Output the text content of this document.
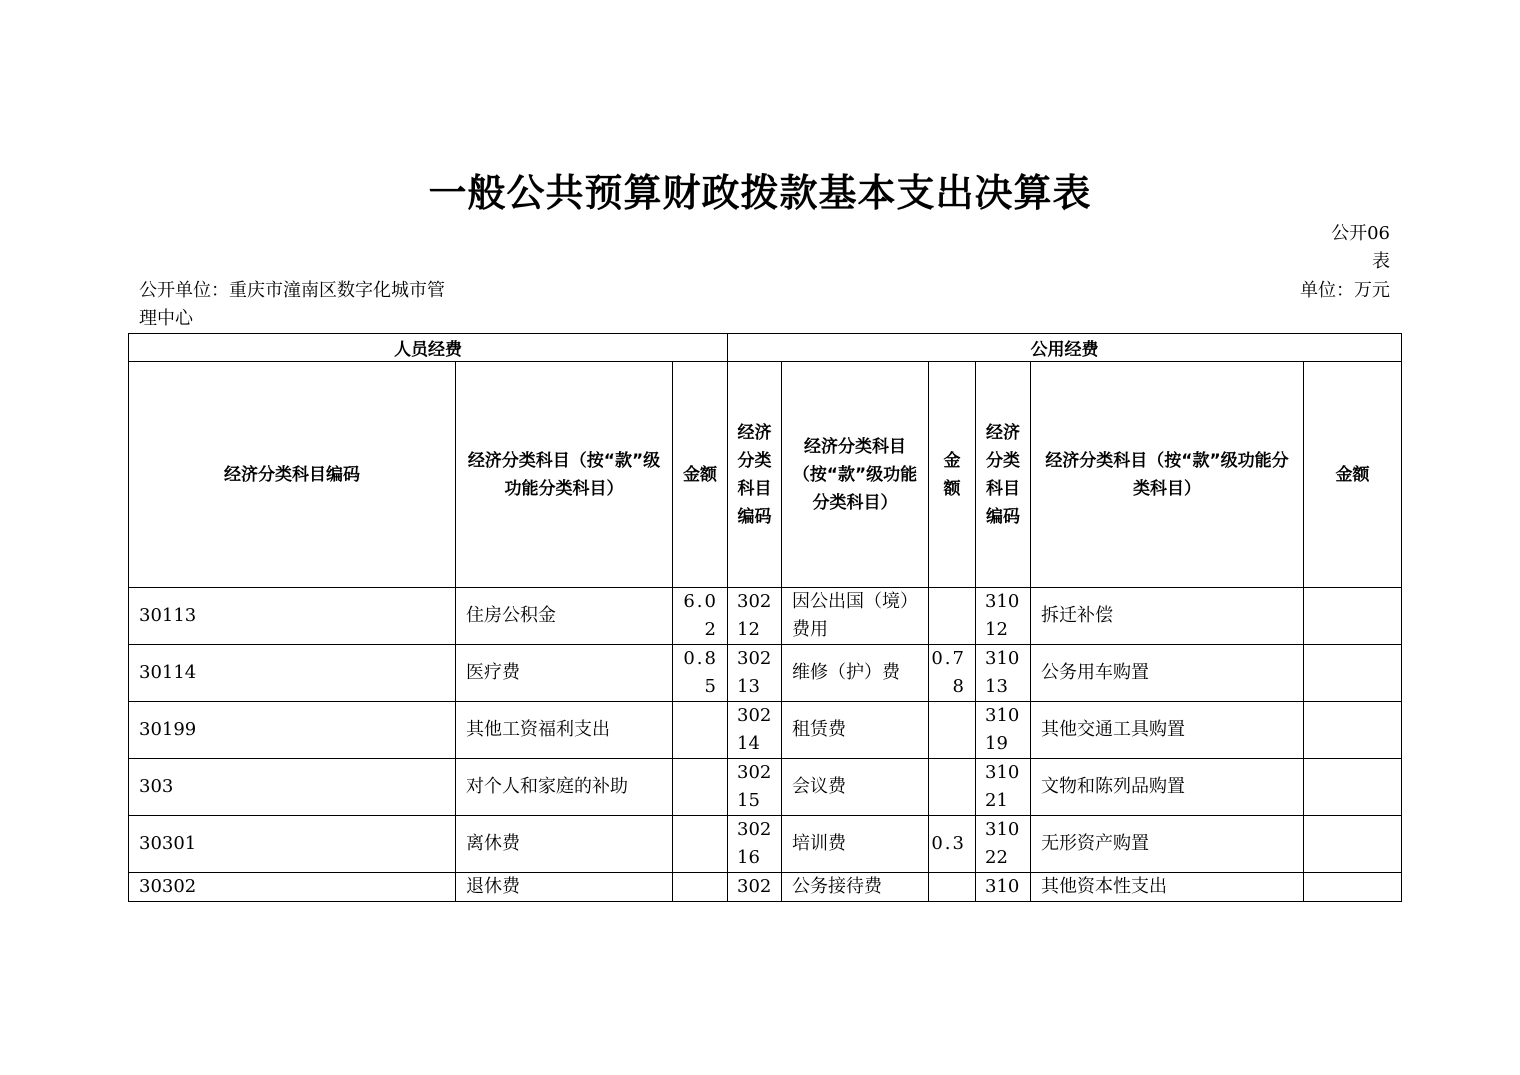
一般公共预算财政拨款基本支出决算表
公开06表
公开单位：重庆市潼南区数字化城市管理中心
单位：万元
人员经费			公用经费					
经济分类科目编码	经济分类科目（按“款”级功能分类科目）	金额	经济分类科目编码	经济分类科目（按“款”级功能分类科目）	金额	经济分类科目编码	经济分类科目（按“款”级功能分类科目）	金额
30113	住房公积金	6.02	30212	因公出国（境）费用		31012	拆迁补偿	
30114	医疗费	0.85	30213	维修（护）费	0.78	31013	公务用车购置	
30199	其他工资福利支出		30214	租赁费		31019	其他交通工具购置	
303	对个人和家庭的补助		30215	会议费		31021	文物和陈列品购置	
30301	离休费		30216	培训费	0.3	31022	无形资产购置	
30302	退休费		302	公务接待费		310	其他资本性支出	
